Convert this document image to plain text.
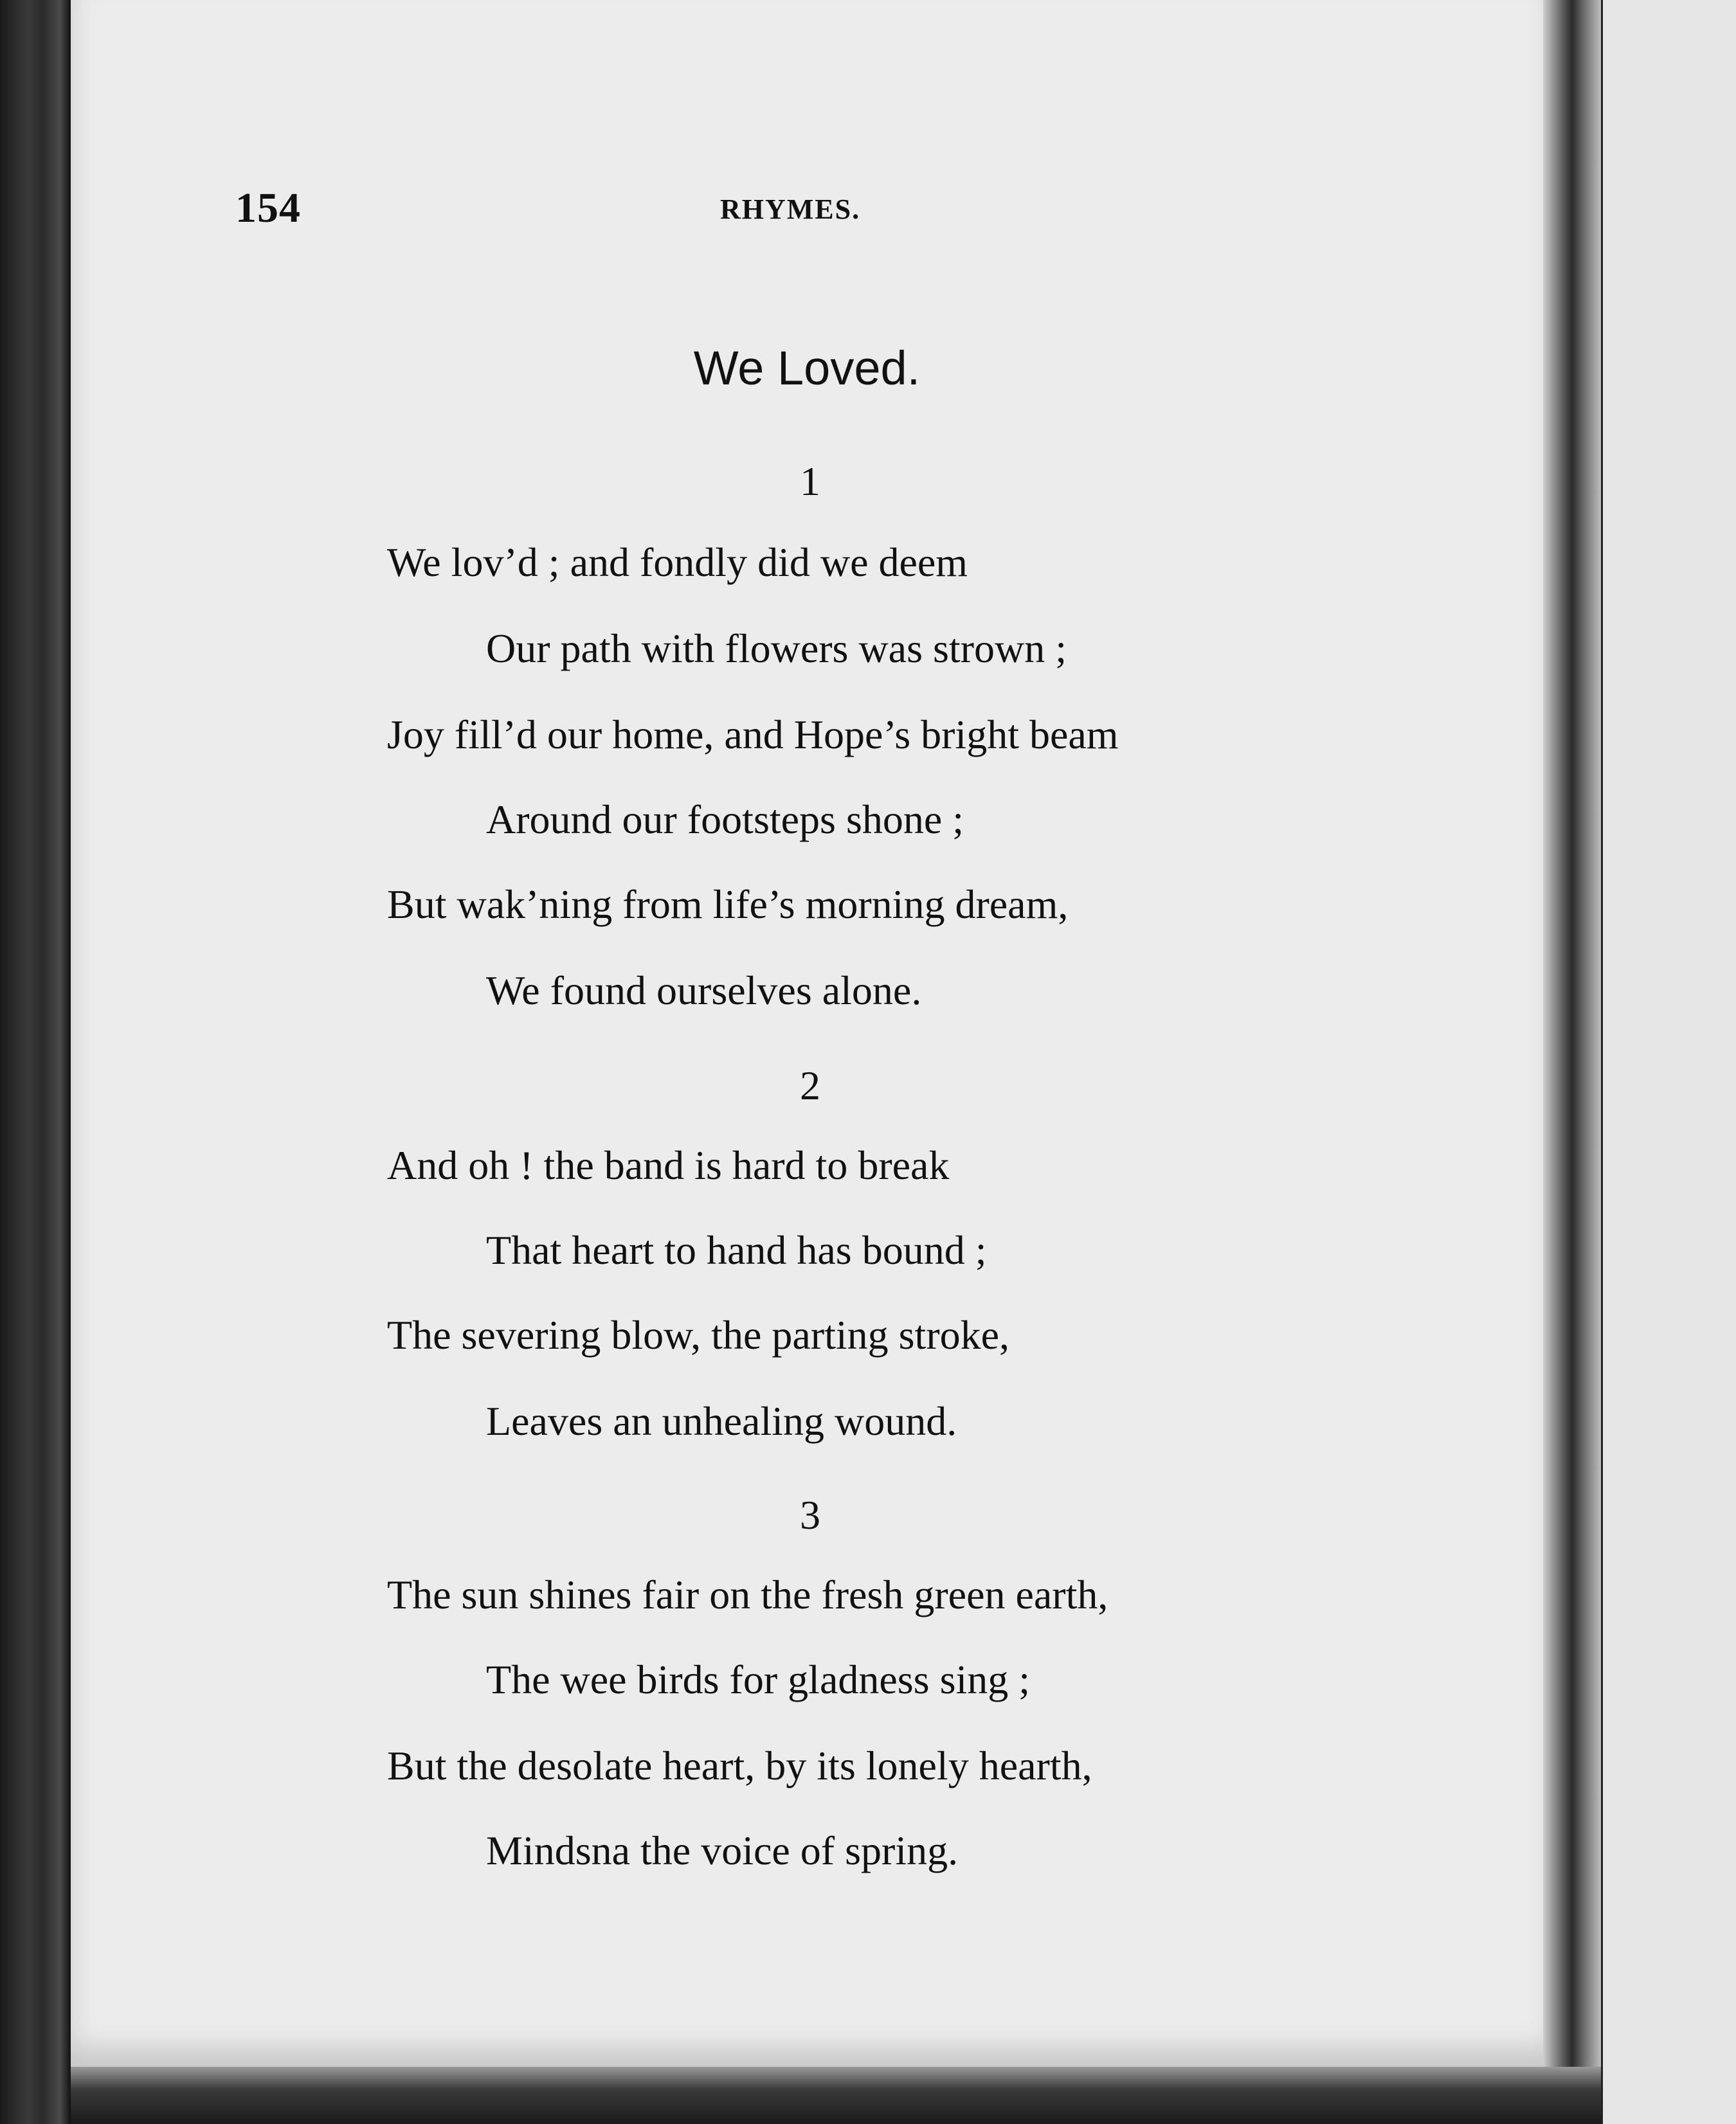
154	RHYMES.
We Loved.
1
We lov’d ; and fondly did we deem
Our path with flowers was strown ;
Joy fill’d our home, and Hope’s bright beam
Around our footsteps shone ;
But wak’ning from life’s morning dream,
We found ourselves alone.
2
And oh ! the band is hard to break
That heart to hand has bound ;
The severing blow, the parting stroke,
Leaves an unhealing wound.
3
The sun shines fair on the fresh green earth,
The wee birds for gladness sing ;
But the desolate heart, by its lonely hearth,
Mindsna the voice of spring.
